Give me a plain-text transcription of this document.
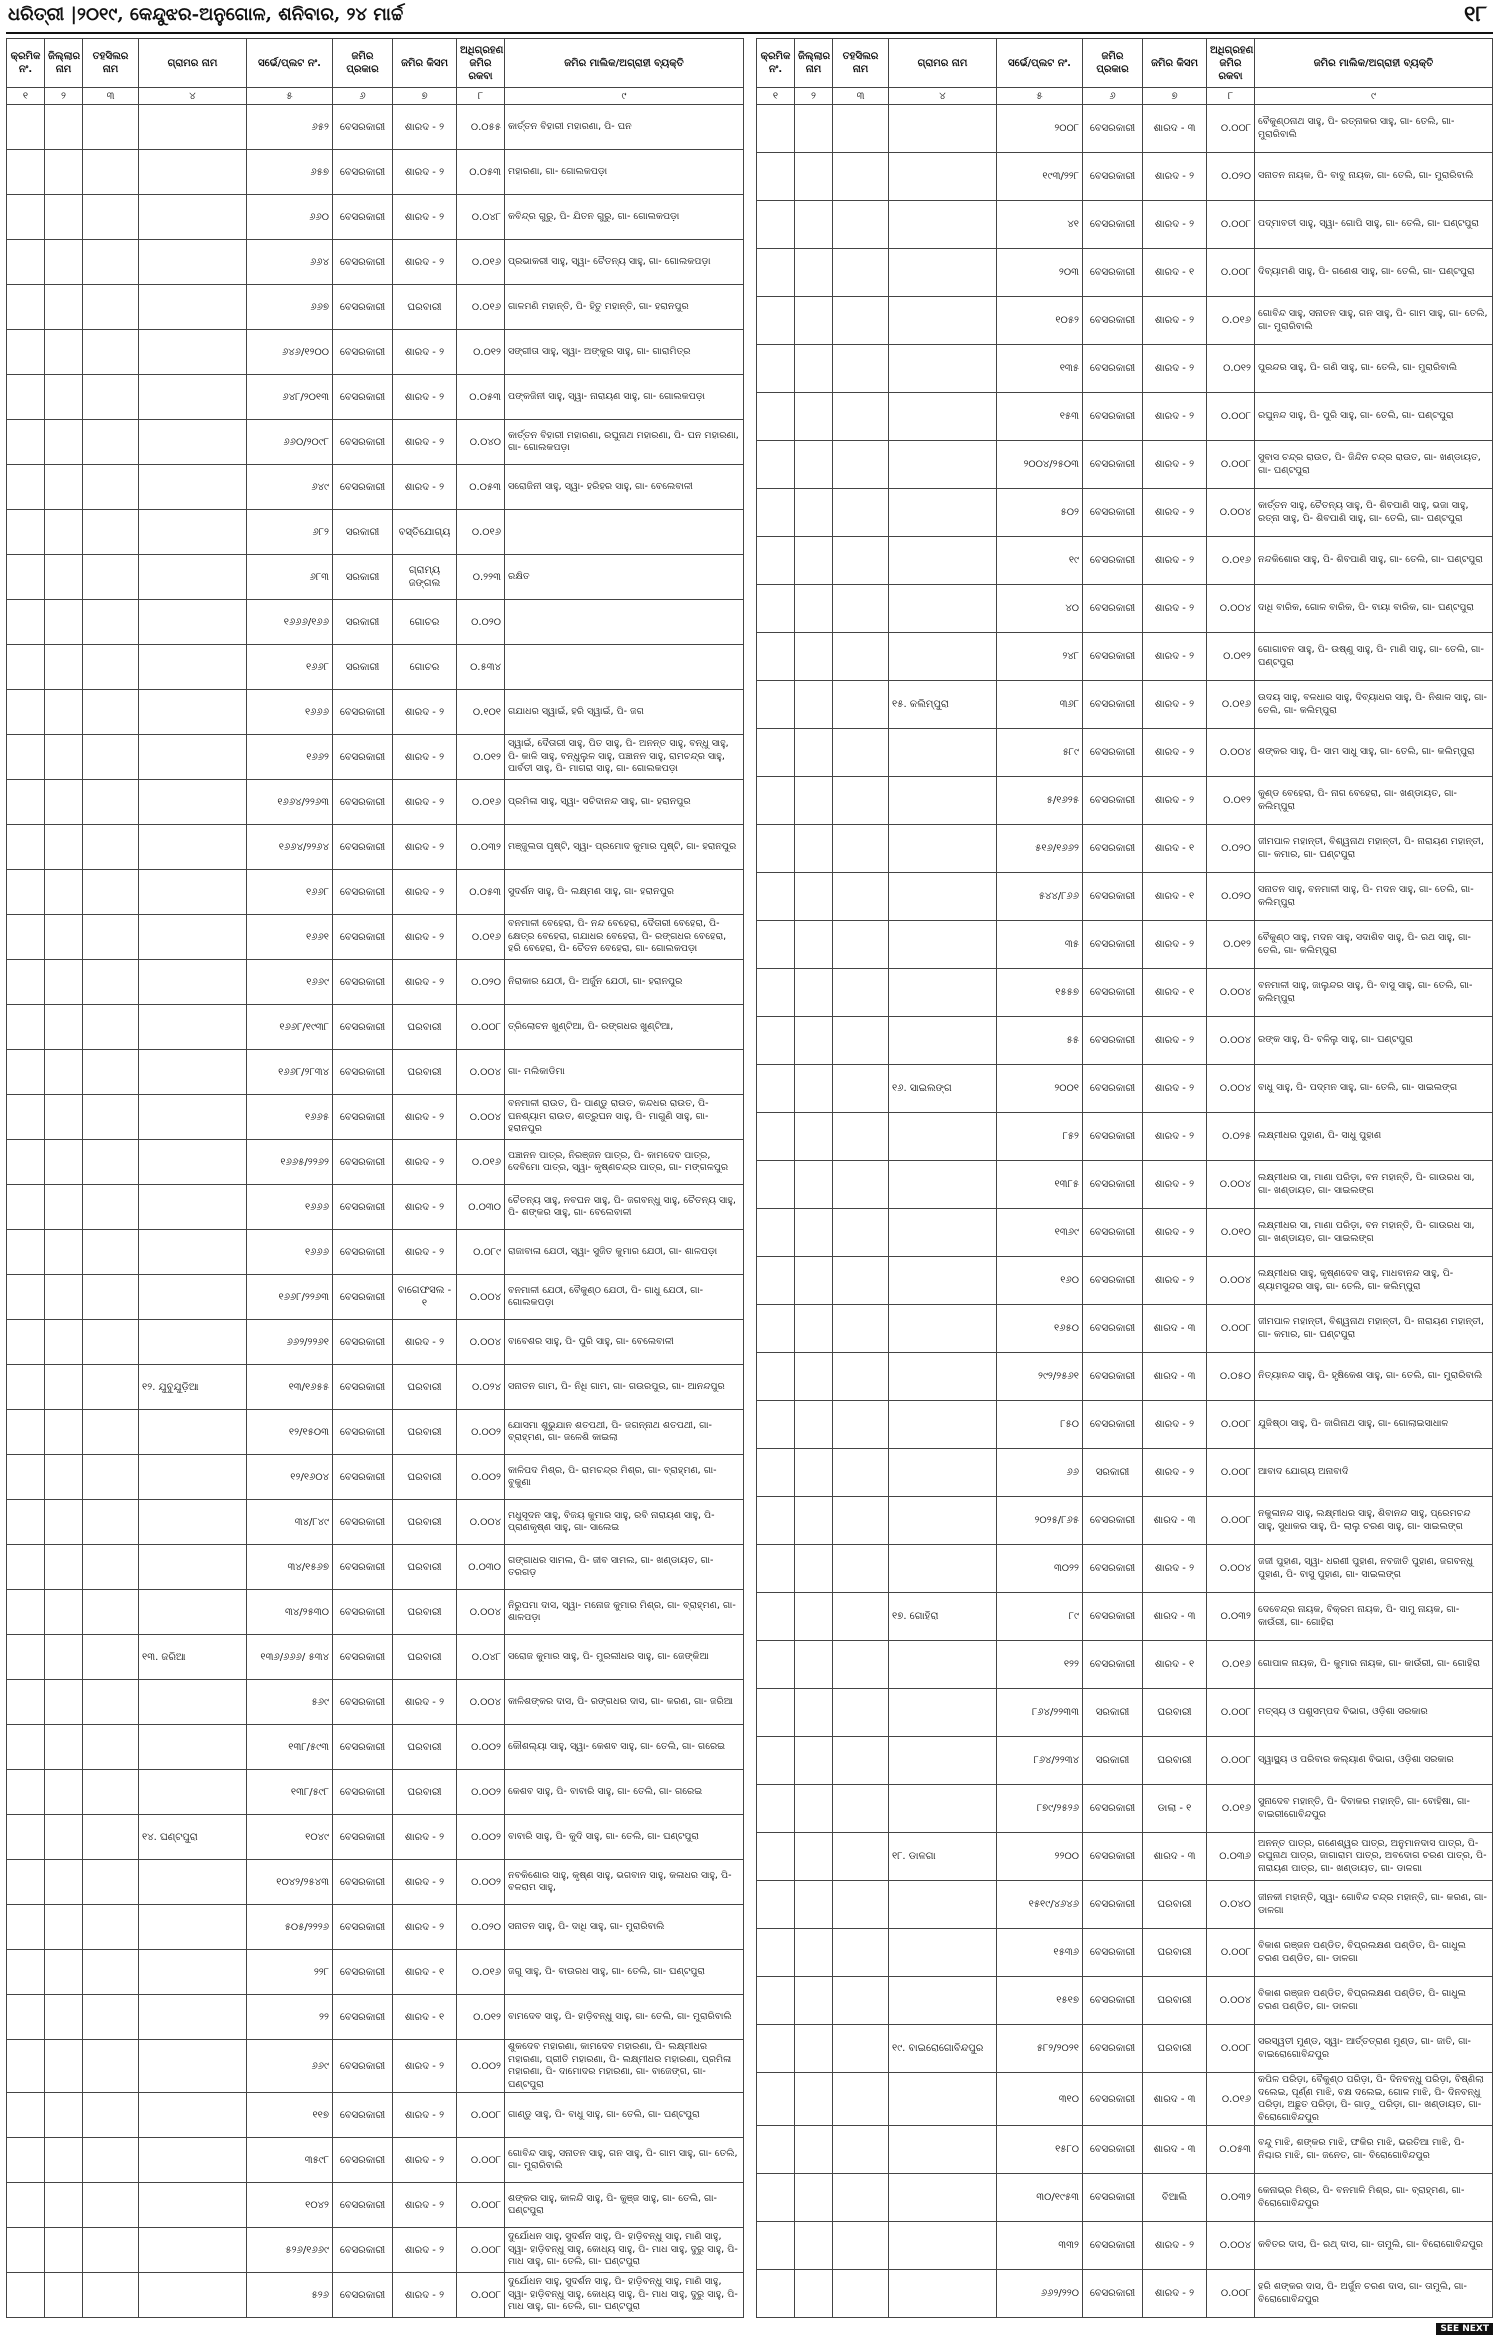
ଧରିତ୍ରୀ |୨୦୧୯, କେନ୍ଦୁଝର-ଅନୁଗୋଳ, ଶନିବାର, ୨୪ ମାର୍ଚ୍ଚ	୧୮
କ୍ରମିକ ନଂ.	ଜିଲ୍ଲାର ନାମ	ତହସିଲର ନାମ	ଗ୍ରାମର ନାମ	ସର୍ଭେ/ପ୍ଲଟ ନଂ.	ଜମିର ପ୍ରକାର	ଜମିର କିସମ	ଅଧିଗ୍ରହଣ ଜମିର ରକବା	ଜମିର ମାଲିକ/ଅଗ୍ରାହୀ ବ୍ୟକ୍ତି
୧	୨	୩	୪	୫	୬	୭	୮	୯
				୬୫୨	ବେସରକାରୀ	ଶାରଦ - ୨	୦.୦୫୫	କାର୍ତ୍ତନ ବିହାରୀ ମହାରଣା, ପି- ଘନ
				୬୫୭	ବେସରକାରୀ	ଶାରଦ - ୨	୦.୦୫୩	ମହାରଣା, ଗା- ଗୋଲକପଡ଼ା
				୬୬୦	ବେସରକାରୀ	ଶାରଦ - ୨	୦.୦୪୮	କବିନ୍ଦ୍ର ଗୁରୁ, ପି- ଯିତନ ଗୁରୁ, ଗା- ଗୋଲକପଡ଼ା
				୬୬୪	ବେସରକାରୀ	ଶାରଦ - ୨	୦.୦୧୬	ପ୍ରଭାକରୀ ସାହୁ, ସ୍ୱା- ଚୈତନ୍ୟ ସାହୁ, ଗା- ଗୋଲକପଡ଼ା
				୬୬୭	ବେସରକାରୀ	ଘରବାରୀ	୦.୦୧୬	ଗାଳମଣି ମହାନ୍ତି, ପି- ହିତୁ ମହାନ୍ତି, ଗା- ହରାନପୁର
				୬୪୬/୧୨୦୦	ବେସରକାରୀ	ଶାରଦ - ୨	୦.୦୧୨	ସଙ୍ଗୀତା ସାହୁ, ସ୍ୱା- ଅଙ୍କୁର ସାହୁ, ଗା- ଗାରାମିତ୍ର
				୬୪୮/୨୦୧୩	ବେସରକାରୀ	ଶାରଦ - ୨	୦.୦୫୩	ପଙ୍କଜିନୀ ସାହୁ, ସ୍ୱା- ନାରାୟଣ ସାହୁ, ଗା- ଗୋଲକପଡ଼ା
				୬୬୦/୨୦୯୮	ବେସରକାରୀ	ଶାରଦ - ୨	୦.୦୪୦	କାର୍ତ୍ତନ ବିହାରୀ ମହାରଣା, ରଘୁନାଥ ମହାରଣା, ପି- ଘନ ମହାରଣା, ଗା- ଗୋଲକପଡ଼ା
				୬୪୯	ବେସରକାରୀ	ଶାରଦ - ୨	୦.୦୫୩	ସରୋଜିନୀ ସାହୁ, ସ୍ୱା- ହରିହର ସାହୁ, ଗା- ବେଲେବାଳୀ
				୬୮୨	ସରକାରୀ	ବସ୍ତିଯୋଗ୍ୟ	୦.୦୧୬	
				୬୮୩	ସରକାରୀ	ଗ୍ରାମ୍ୟ ଜଙ୍ଗଲ	୦.୨୨୩	ରକ୍ଷିତ
				୧୬୬୬/୧୬୬	ସରକାରୀ	ଗୋଚର	୦.୦୨୦	
				୧୬୬୮	ସରକାରୀ	ଗୋଚର	୦.୫୩୪	
				୧୬୬୬	ବେସରକାରୀ	ଶାରଦ - ୨	୦.୧୦୧	ଗଯାଧର ସ୍ୱାଇଁ, ହରି ସ୍ୱାଇଁ, ପି- ଜଗ
				୧୬୬୨	ବେସରକାରୀ	ଶାରଦ - ୨	୦.୦୧୨	ସ୍ୱାଇଁ, ଦୈତାରୀ ସାହୁ, ପିତ ସାହୁ, ପି- ଅନନ୍ତ ସାହୁ, ବନ୍ଧୁ ସାହୁ, ପି- କାଳି ସାହୁ, ବନ୍ଧୁଲୁଳ ସାହୁ, ପଞ୍ଚାନନ ସାହୁ, ରାମଚନ୍ଦ୍ର ସାହୁ, ପାର୍ବତୀ ସାହୁ, ପି- ମାଗରା ସାହୁ, ଗା- ଗୋଲକପଡ଼ା
				୧୬୬୪/୨୨୬୩	ବେସରକାରୀ	ଶାରଦ - ୨	୦.୦୧୬	ପ୍ରମିଳା ସାହୁ, ସ୍ୱା- ସଚିଦାନନ୍ଦ ସାହୁ, ଗା- ହରାନପୁର
				୧୬୬୪/୨୨୬୪	ବେସରକାରୀ	ଶାରଦ - ୨	୦.୦୩୨	ମଞ୍ଜୁଲତା ପୃଷ୍ଟି, ସ୍ୱା- ପ୍ରମୋଦ କୁମାର ପୃଷ୍ଟି, ଗା- ହରାନପୁର
				୧୬୬୮	ବେସରକାରୀ	ଶାରଦ - ୨	୦.୦୫୩	ସୁଦର୍ଶନ ସାହୁ, ପି- ଲକ୍ଷ୍ମଣ ସାହୁ, ଗା- ହରାନପୁର
				୧୬୬୧	ବେସରକାରୀ	ଶାରଦ - ୨	୦.୦୧୬	ବନମାଳୀ ବେହେରା, ପି- ନନ୍ଦ ବେହେରା, ଦୈତାରୀ ବେହେରା, ପି- କ୍ଷେତ୍ର ବେହେରା, ଗଯାଧର ବେହେରା, ପି- ରଙ୍ଗଧର ବେହେରା, ହରି ବେହେରା, ପି- ଚୈତନ ବେହେରା, ଗା- ଗୋଲକପଡ଼ା
				୧୬୬୯	ବେସରକାରୀ	ଶାରଦ - ୨	୦.୦୨୦	ନିରାକାର ଯେଠୀ, ପି- ଅର୍ଜୁନ ଯେଠୀ, ଗା- ହରାନପୁର
				୧୬୬୮/୧୯୩୮	ବେସରକାରୀ	ଘରବାରୀ	୦.୦୦୮	ତ୍ରିଲୋଚନ ଖୁଣ୍ଟିଆ, ପି- ରଙ୍ଗଧର ଖୁଣ୍ଟିଆ,
				୧୬୬୮/୨୮୩୪	ବେସରକାରୀ	ଘରବାରୀ	୦.୦୦୪	ଗା- ମଲିକାଡିମା
				୧୬୬୫	ବେସରକାରୀ	ଶାରଦ - ୨	୦.୦୦୪	ବନମାଳୀ ରାଉତ, ପି- ପାଣ୍ଡୁ ରାଉତ, କନ୍ଦଧର ରାଉତ, ପି- ଘନଶ୍ୟାମ ରାଉତ, ଶତ୍ରୁଘନ ସାହୁ, ପି- ମାଗୁଣି ସାହୁ, ଗା- ହରାନପୁର
				୧୬୬୫/୨୨୬୨	ବେସରକାରୀ	ଶାରଦ - ୨	୦.୦୧୬	ପଞ୍ଚାନନ ପାତ୍ର, ନିରଞ୍ଜନ ପାତ୍ର, ପି- କାମଦେବ ପାତ୍ର, ଦେବିମୋ ପାତ୍ର, ସ୍ୱା- କୃଷ୍ଣଚନ୍ଦ୍ର ପାତ୍ର, ଗା- ମଙ୍ଗଳପୁର
				୧୬୬୬	ବେସରକାରୀ	ଶାରଦ - ୨	୦.୦୩୦	ଚୈତନ୍ୟ ସାହୁ, ନବଘନ ସାହୁ, ପି- ଜଗବନ୍ଧୁ ସାହୁ, ଚୈତନ୍ୟ ସାହୁ, ପି- ଶଙ୍କର ସାହୁ, ଗା- ବେଲେବାଳୀ
				୧୬୬୬	ବେସରକାରୀ	ଶାରଦ - ୨	୦.୦୮୯	ରାଜାବାଳା ଯେଠୀ, ସ୍ୱା- ସୁଜିତ କୁମାର ଯେଠୀ, ଗା- ଶାଳପଡ଼ା
				୧୬୬୮/୨୨୬୩	ବେସରକାରୀ	ବାଗେଫସଲ - ୧	୦.୦୦୪	ବନମାଳୀ ଯେଠୀ, ବୈକୁଣ୍ଠ ଯେଠୀ, ପି- ଗାଧୁ ଯେଠୀ, ଗା- ଗୋଲକପଡ଼ା
				୬୬୨/୨୨୬୧	ବେସରକାରୀ	ଶାରଦ - ୨	୦.୦୦୪	ବାବେଶର ସାହୁ, ପି- ପୁରି ସାହୁ, ଗା- ବେଲେବାଳୀ
			୧୨. ଯୁବୁଯୁଡ଼ିଆ	୧୩/୧୬୫୫	ବେସରକାରୀ	ଘରବାରୀ	୦.୦୨୪	ସନାତନ ଗାମ, ପି- ନିଧି ଗାମ, ଗା- ଗଉରପୁର, ଗା- ଆନନ୍ଦପୁର
				୧୨/୧୫୦୩	ବେସରକାରୀ	ଘରବାରୀ	୦.୦୦୨	ଯୋସମା ଶୁଭୁଯାନ ଶତପଥୀ, ପି- ଜଗନ୍ନାଥ ଶତପଥୀ, ଗା- ବ୍ରାହ୍ମଣ, ଗା- ଜଳେଶି କାଇଲା
				୧୨/୧୬୦୪	ବେସରକାରୀ	ଘରବାରୀ	୦.୦୦୨	କାଳିପଦ ମିଶ୍ର, ପି- ରାମଚନ୍ଦ୍ର ମିଶ୍ର, ଗା- ବ୍ରାହ୍ମଣ, ଗା- ବୁକୁଣା
				୩୪/୮୪୯	ବେସରକାରୀ	ଘରବାରୀ	୦.୦୦୪	ମଧୁସୂଦନ ସାହୁ, ବିଜୟ କୁମାର ସାହୁ, ରବି ନାରାୟଣ ସାହୁ, ପି- ପ୍ରାଣକୃଷ୍ଣ ସାହୁ, ଗା- ସାଲେଇ
				୩୪/୧୫୬୭	ବେସରକାରୀ	ଘରବାରୀ	୦.୦୩୦	ଗଙ୍ଗାଧର ସାମଲ, ପି- ଜୀବ ସାମଲ, ଗା- ଖଣ୍ଡାୟତ, ଗା- ତରଗଡ଼
				୩୪/୨୫୩୦	ବେସରକାରୀ	ଘରବାରୀ	୦.୦୦୪	ନିରୁପମା ଦାସ, ସ୍ୱା- ମନୋଜ କୁମାର ମିଶ୍ର, ଗା- ବ୍ରାହ୍ମଣ, ଗା- ଶାଳପଡ଼ା
			୧୩. ଜରିଆ	୧୩୬/୬୬୬/ ୫୩୪	ବେସରକାରୀ	ଘରବାରୀ	୦.୦୪୮	ସରୋଜ କୁମାର ସାହୁ, ପି- ମୁରଲୀଧର ସାହୁ, ଗା- ଜେଙ୍କିଆ
				୫୬୯	ବେସରକାରୀ	ଶାରଦ - ୨	୦.୦୦୪	କାଳିଶଙ୍କର ଦାସ, ପି- ରଙ୍ଗଧର ଦାସ, ଗା- କରଣ, ଗା- ଜରିଆ
				୧୩୮/୫୯୩	ବେସରକାରୀ	ଘରବାରୀ	୦.୦୦୨	କୌଶଲ୍ୟା ସାହୁ, ସ୍ୱା- କେଶବ ସାହୁ, ଗା- ତେଲି, ଗା- ଗରେଇ
				୧୩୮/୫୯୮	ବେସରକାରୀ	ଘରବାରୀ	୦.୦୦୨	କେଶବ ସାହୁ, ପି- ବାବାରି ସାହୁ, ଗା- ତେଲି, ଗା- ଗରେଇ
			୧୪. ଘଣ୍ଟପୁରା	୧୦୪୯	ବେସରକାରୀ	ଶାରଦ - ୨	୦.୦୦୨	ବାବାରି ସାହୁ, ପି- କୁଦି ସାହୁ, ଗା- ତେଲି, ଗା- ଘଣ୍ଟପୁରା
				୧୦୪୨/୨୫୪୩	ବେସରକାରୀ	ଶାରଦ - ୨	୦.୦୦୨	ନବକିଶୋର ସାହୁ, କୃଷ୍ଣ ସାହୁ, ଭଗବାନ ସାହୁ, କଳାଧର ସାହୁ, ପି- ବଳରାମ ସାହୁ,
				୫୦୫/୨୨୨୬	ବେସରକାରୀ	ଶାରଦ - ୨	୦.୦୨୦	ସନାତନ ସାହୁ, ପି- ଦାଧି ସାହୁ, ଗା- ମୁରାରିବାଲି
				୨୨୮	ବେସରକାରୀ	ଶାରଦ - ୧	୦.୦୧୬	ଜଗୁ ସାହୁ, ପି- ବାଉରଧ ସାହୁ, ଗା- ତେଲି, ଗା- ଘଣ୍ଟପୁରା
				୨୨	ବେସରକାରୀ	ଶାରଦ - ୧	୦.୦୧୨	ବାମଦେବ ସାହୁ, ପି- ହାଡ଼ିବନ୍ଧୁ ସାହୁ, ଗା- ତେଲି, ଗା- ମୁରାରିବାଲି
				୬୬୯	ବେସରକାରୀ	ଶାରଦ - ୨	୦.୦୦୨	ଶୁକଦେବ ମହାରଣା, କାମଦେବ ମହାରଣା, ପି- ଲକ୍ଷ୍ମୀଧର ମହାରଣା, ପ୍ରୀତି ମହାରଣା, ପି- ଲକ୍ଷ୍ମୀଧର ମହାରଣା, ପ୍ରମିଳା ମହାରଣା, ପି- ଦାମୋଦର ମହାରଣା, ଗା- ବାଜେଙ୍ଗ, ଗା- ଘଣ୍ଟପୁରା
				୧୧୭	ବେସରକାରୀ	ଶାରଦ - ୨	୦.୦୦୮	ଗାଣ୍ଡୁ ସାହୁ, ପି- ବାଧୁ ସାହୁ, ଗା- ତେଲି, ଗା- ଘଣ୍ଟପୁରା
				୩୫୯୮	ବେସରକାରୀ	ଶାରଦ - ୨	୦.୦୦୮	ଗୋବିନ୍ଦ ସାହୁ, ସନାତନ ସାହୁ, ଗନ ସାହୁ, ପି- ଗାମ ସାହୁ, ଗା- ତେଲି, ଗା- ମୁରାରିବାଲି
				୧୦୪୨	ବେସରକାରୀ	ଶାରଦ - ୨	୦.୦୦୮	ଶଙ୍କର ସାହୁ, କାଳନ୍ଦି ସାହୁ, ପି- କୁଞ୍ଜ ସାହୁ, ଗା- ତେଲି, ଗା- ଘଣ୍ଟପୁରା
				୫୨୬/୧୬୬୯	ବେସରକାରୀ	ଶାରଦ - ୨	୦.୦୦୮	ଦୁର୍ଯୋଧନ ସାହୁ, ସୁଦର୍ଶନ ସାହୁ, ପି- ହାଡ଼ିବନ୍ଧୁ ସାହୁ, ମାଣି ସାହୁ, ସ୍ୱା- ହାଡ଼ିବନ୍ଧୁ ସାହୁ, କୋଧ୍ୟ ସାହୁ, ପି- ମାଧ ସାହୁ, ଦୁରୁ ସାହୁ, ପି- ମାଧ ସାହୁ, ଗା- ତେଲି, ଗା- ଘଣ୍ଟପୁରା
				୫୨୬	ବେସରକାରୀ	ଶାରଦ - ୨	୦.୦୦୮	ଦୁର୍ଯୋଧନ ସାହୁ, ସୁଦର୍ଶନ ସାହୁ, ପି- ହାଡ଼ିବନ୍ଧୁ ସାହୁ, ମାଣି ସାହୁ, ସ୍ୱା- ହାଡ଼ିବନ୍ଧୁ ସାହୁ, କୋଧ୍ୟ ସାହୁ, ପି- ମାଧ ସାହୁ, ଦୁରୁ ସାହୁ, ପି- ମାଧ ସାହୁ, ଗା- ତେଲି, ଗା- ଘଣ୍ଟପୁରା
କ୍ରମିକ ନଂ.	ଜିଲ୍ଲାର ନାମ	ତହସିଲର ନାମ	ଗ୍ରାମର ନାମ	ସର୍ଭେ/ପ୍ଲଟ ନଂ.	ଜମିର ପ୍ରକାର	ଜମିର କିସମ	ଅଧିଗ୍ରହଣ ଜମିର ରକବା	ଜମିର ମାଲିକ/ଅଗ୍ରାହୀ ବ୍ୟକ୍ତି
୧	୨	୩	୪	୫	୬	୭	୮	୯
				୨୦୦୮	ବେସରକାରୀ	ଶାରଦ - ୩	୦.୦୦୮	ବୈକୁଣ୍ଠନାଥ ସାହୁ, ପି- ରତ୍ନାକର ସାହୁ, ଗା- ତେଲି, ଗା- ମୁରାରିବାଲି
				୧୯୩/୨୨୮	ବେସରକାରୀ	ଶାରଦ - ୨	୦.୦୨୦	ସନାତନ ନାୟକ, ପି- ବାବୁ ନାୟକ, ଗା- ତେଲି, ଗା- ମୁରାରିବାଲି
				୪୧	ବେସରକାରୀ	ଶାରଦ - ୨	୦.୦୦୮	ପଦ୍ମାବତୀ ସାହୁ, ସ୍ୱା- ଗୋପି ସାହୁ, ଗା- ତେଲି, ଗା- ଘଣ୍ଟପୁରା
				୨୦୩	ବେସରକାରୀ	ଶାରଦ - ୧	୦.୦୦୮	ଦିବ୍ୟାମଣି ସାହୁ, ପି- ଗଣେଶ ସାହୁ, ଗା- ତେଲି, ଗା- ଘଣ୍ଟପୁରା
				୧୦୫୨	ବେସରକାରୀ	ଶାରଦ - ୨	୦.୦୧୬	ଗୋବିନ୍ଦ ସାହୁ, ସନାତନ ସାହୁ, ଗନ ସାହୁ, ପି- ଗାମ ସାହୁ, ଗା- ତେଲି, ଗା- ମୁରାରିବାଲି
				୧୩୫	ବେସରକାରୀ	ଶାରଦ - ୨	୦.୦୧୨	ପୁରନ୍ଦର ସାହୁ, ପି- ଗଣି ସାହୁ, ଗା- ତେଲି, ଗା- ମୁରାରିବାଲି
				୧୫୩	ବେସରକାରୀ	ଶାରଦ - ୨	୦.୦୦୮	ରଘୁନନ୍ଦ ସାହୁ, ପି- ପୁରି ସାହୁ, ଗା- ତେଲି, ଗା- ଘଣ୍ଟପୁରା
				୨୦୦୪/୨୫୦୩	ବେସରକାରୀ	ଶାରଦ - ୨	୦.୦୦୮	ସୁବାସ ଚନ୍ଦ୍ର ରାଉତ, ପି- ଜିନ୍ଦିନ ଚନ୍ଦ୍ର ରାଉତ, ଗା- ଖଣ୍ଡାୟତ, ଗା- ଘଣ୍ଟପୁରା
				୫୦୨	ବେସରକାରୀ	ଶାରଦ - ୨	୦.୦୦୪	କାର୍ତ୍ତନ ସାହୁ, ଚୈତନ୍ୟ ସାହୁ, ପି- ଶିବପାଣି ସାହୁ, ଭଜା ସାହୁ, ରତ୍ନା ସାହୁ, ପି- ଶିବପାଣି ସାହୁ, ଗା- ତେଲି, ଗା- ଘଣ୍ଟପୁରା
				୧୯	ବେସରକାରୀ	ଶାରଦ - ୨	୦.୦୧୬	ନନ୍ଦକିଶୋର ସାହୁ, ପି- ଶିବପାଣି ସାହୁ, ଗା- ତେଲି, ଗା- ଘଣ୍ଟପୁରା
				୪୦	ବେସରକାରୀ	ଶାରଦ - ୨	୦.୦୦୪	ଦାଧି ବାରିକ, ଗୋଳ ବାରିକ, ପି- ବାୟା ବାରିକ, ଗା- ଘଣ୍ଟପୁରା
				୨୪୮	ବେସରକାରୀ	ଶାରଦ - ୨	୦.୦୧୨	ଗୋଗାବନ ସାହୁ, ପି- ଉଷ୍ଣୁ ସାହୁ, ପି- ମାଣି ସାହୁ, ଗା- ତେଲି, ଗା- ଘଣ୍ଟପୁରା
			୧୫. କଲିମ୍ପୁରା	୩୬୮	ବେସରକାରୀ	ଶାରଦ - ୨	୦.୦୧୬	ଉଦୟ ସାହୁ, ବଳଧାର ସାହୁ, ଦିବ୍ୟାଧର ସାହୁ, ପି- ନିଶାଳ ସାହୁ, ଗା- ତେଲି, ଗା- କଲିମ୍ପୁରା
				୫୮୯	ବେସରକାରୀ	ଶାରଦ - ୨	୦.୦୦୪	ଶଙ୍କର ସାହୁ, ପି- ସାମ ସାଧୁ ସାହୁ, ଗା- ତେଲି, ଗା- କଲିମ୍ପୁରା
				୫/୧୬୨୫	ବେସରକାରୀ	ଶାରଦ - ୨	୦.୦୧୨	କୁଣ୍ଡ ବେହେରା, ପି- ନାଗ ବେହେରା, ଗା- ଖଣ୍ଡାୟତ, ଗା- କଲିମ୍ପୁରା
				୫୧୬/୧୬୬୨	ବେସରକାରୀ	ଶାରଦ - ୧	୦.୦୨୦	ଜୀମପାଳ ମହାନ୍ତୀ, ବିଶ୍ୱନାଥ ମହାନ୍ତୀ, ପି- ନାରାୟଣ ମହାନ୍ତୀ, ଗା- କମାର, ଗା- ଘଣ୍ଟପୁରା
				୫୪୪/୮୬୬	ବେସରକାରୀ	ଶାରଦ - ୧	୦.୦୨୦	ସନାତନ ସାହୁ, ବନମାଳୀ ସାହୁ, ପି- ମଦନ ସାହୁ, ଗା- ତେଲି, ଗା- କଲିମ୍ପୁରା
				୩୫	ବେସରକାରୀ	ଶାରଦ - ୨	୦.୦୧୨	ବୈକୁଣ୍ଠ ସାହୁ, ମଦନ ସାହୁ, ସଦାଶିବ ସାହୁ, ପି- ରଥ ସାହୁ, ଗା- ତେଲି, ଗା- କଲିମ୍ପୁରା
				୧୫୫୭	ବେସରକାରୀ	ଶାରଦ - ୧	୦.୦୦୪	ବନମାଳୀ ସାହୁ, ଜାଲୁନ୍ଦର ସାହୁ, ପି- ବାସୁ ସାହୁ, ଗା- ତେଲି, ଗା- କଲିମ୍ପୁରା
				୫୫	ବେସରକାରୀ	ଶାରଦ - ୨	୦.୦୦୪	ରଙ୍କ ସାହୁ, ପି- ବଳିଲୁ ସାହୁ, ଗା- ଘଣ୍ଟପୁରା
			୧୬. ସାଇଲଙ୍ଗ	୨୦୦୧	ବେସରକାରୀ	ଶାରଦ - ୨	୦.୦୦୪	ବାଧୁ ସାହୁ, ପି- ପଦ୍ମନ ସାହୁ, ଗା- ତେଲି, ଗା- ସାଇଲଙ୍ଗ
				୮୫୨	ବେସରକାରୀ	ଶାରଦ - ୨	୦.୦୨୫	ଲକ୍ଷ୍ମୀଧର ପୁହାଣ, ପି- ସାଧୁ ପୁହାଣ
				୧୩୮୫	ବେସରକାରୀ	ଶାରଦ - ୨	୦.୦୦୪	ଲକ୍ଷ୍ମୀଧର ସା, ମାଣା ପରିଡ଼ା, ବନ ମହାନ୍ତି, ପି- ଗାଉରଧ ସା, ଗା- ଖଣ୍ଡାୟତ, ଗା- ସାଇଲଙ୍ଗ
				୧୩୬୯	ବେସରକାରୀ	ଶାରଦ - ୨	୦.୦୧୦	ଲକ୍ଷ୍ମୀଧର ସା, ମାଣା ପରିଡ଼ା, ବନ ମହାନ୍ତି, ପି- ଗାଉରଧ ସା, ଗା- ଖଣ୍ଡାୟତ, ଗା- ସାଇଲଙ୍ଗ
				୧୬୦	ବେସରକାରୀ	ଶାରଦ - ୨	୦.୦୦୪	ଲକ୍ଷ୍ମୀଧର ସାହୁ, କୃଷ୍ଣଦେବ ସାହୁ, ମାଧବାନନ୍ଦ ସାହୁ, ପି- ଶ୍ୟାମସୁନ୍ଦର ସାହୁ, ଗା- ତେଲି, ଗା- କଲିମ୍ପୁରା
				୧୬୫୦	ବେସରକାରୀ	ଶାରଦ - ୩	୦.୦୦୮	ଜୀମପାଳ ମହାନ୍ତୀ, ବିଶ୍ୱନାଥ ମହାନ୍ତୀ, ପି- ନାରାୟଣ ମହାନ୍ତୀ, ଗା- କମାର, ଗା- ଘଣ୍ଟପୁରା
				୨୯୨/୨୫୬୧	ବେସରକାରୀ	ଶାରଦ - ୩	୦.୦୫୦	ନିତ୍ୟାନନ୍ଦ ସାହୁ, ପି- ହୃଷିକେଶ ସାହୁ, ଗା- ତେଲି, ଗା- ମୁରାରିବାଲି
				୮୫୦	ବେସରକାରୀ	ଶାରଦ - ୨	୦.୦୦୮	ଯୁଜିଷ୍ଠା ସାହୁ, ପି- ଜାଗିନାଥ ସାହୁ, ଗା- ଗୋଲାଇସାଧାଳ
				୬୬	ସରକାରୀ	ଶାରଦ - ୨	୦.୦୦୮	ଆବାଦ ଯୋଗ୍ୟ ଅନାବାଦି
				୨୦୨୫/୮୬୫	ବେସରକାରୀ	ଶାରଦ - ୩	୦.୦୦୮	ନକୁଳାନନ୍ଦ ସାହୁ, ଲକ୍ଷ୍ମୀଧର ସାହୁ, ଶିବାନନ୍ଦ ସାହୁ, ପ୍ରେମଚନ୍ଦ ସାହୁ, ସୁଧାକର ସାହୁ, ପି- ଲାଲୁ ଚରଣ ସାହୁ, ଗା- ସାଇଲଙ୍ଗ
				୩୦୨୨	ବେସରକାରୀ	ଶାରଦ - ୨	୦.୦୦୪	ଜଜୀ ପୁହାଣ, ସ୍ୱା- ଧରଣୀ ପୁହାଣ, ନବଜାତି ପୁହାଣ, ଜଗବନ୍ଧୁ ପୁହାଣ, ପି- ବାସୁ ପୁହାଣ, ଗା- ସାଇଲଙ୍ଗ
			୧୭. ଗୋହିରା	୮୯	ବେସରକାରୀ	ଶାରଦ - ୩	୦.୦୩୨	ଦେବେନ୍ଦ୍ର ନାୟକ, ବିକ୍ରମ ନାୟକ, ପି- ସାମୁ ନାୟକ, ଗା- କାଉଁରୀ, ଗା- ଗୋହିରା
				୧୨୨	ବେସରକାରୀ	ଶାରଦ - ୧	୦.୦୧୬	ଗୋପାଳ ନାୟକ, ପି- କୁମାର ନାୟକ, ଗା- କାଉଁରୀ, ଗା- ଗୋହିରା
				୮୬୪/୨୨୩୩	ସରକାରୀ	ଘରବାରୀ	୦.୦୦୮	ମତ୍ସ୍ୟ ଓ ପଶୁସମ୍ପଦ ବିଭାଗ, ଓଡ଼ିଶା ସରକାର
				୮୬୪/୨୨୩୪	ସରକାରୀ	ଘରବାରୀ	୦.୦୦୮	ସ୍ୱାସ୍ଥ୍ୟ ଓ ପରିବାର କଲ୍ୟାଣ ବିଭାଗ, ଓଡ଼ିଶା ସରକାର
				୮୭୯/୨୫୨୬	ବେସରକାରୀ	ଡାଲା - ୧	୦.୦୧୬	ସୁନାଦେବ ମହାନ୍ତି, ପି- ଦିବାକର ମହାନ୍ତି, ଗା- ବୋହିଷା, ଗା- ବାଇରୀଗୋବିନ୍ଦପୁର
			୧୮. ଡାଳଗା	୨୨୦୦	ବେସରକାରୀ	ଶାରଦ - ୩	୦.୦୩୬	ଅନନ୍ତ ପାତ୍ର, ଗଣେଶ୍ୱର ପାତ୍ର, ଅନୁମାନଦାସ ପାତ୍ର, ପି- ରଘୁନାଥ ପାତ୍ର, ଜାଗାରାମ ପାତ୍ର, ଅବଦୋଗ ଚରଣ ପାତ୍ର, ପି- ନାରାୟଣ ପାତ୍ର, ଗା- ଖଣ୍ଡାୟତ, ଗା- ଡାଳଗା
				୧୫୧୯/୪୬୪୬	ବେସରକାରୀ	ଘରବାରୀ	୦.୦୪୦	ଜୀନକୀ ମହାନ୍ତି, ସ୍ୱା- ଗୋବିନ୍ଦ ଚନ୍ଦ୍ର ମହାନ୍ତି, ଗା- କରଣ, ଗା- ଡାଳଗା
				୧୫୩୬	ବେସରକାରୀ	ଘରବାରୀ	୦.୦୦୮	ବିକାଶ ରଞ୍ଜନ ପଣ୍ଡିତ, ବିପ୍ରଲକ୍ଷଣ ପଣ୍ଡିତ, ପି- ଗାଧୁଲ ଚରଣ ପଣ୍ଡିତ, ଗା- ଡାଳଗା
				୧୫୧୭	ବେସରକାରୀ	ଘରବାରୀ	୦.୦୦୪	ବିକାଶ ରଞ୍ଜନ ପଣ୍ଡିତ, ବିପ୍ରଲକ୍ଷଣ ପଣ୍ଡିତ, ପି- ଗାଧୁଲ ଚରଣ ପଣ୍ଡିତ, ଗା- ଡାଳଗା
			୧୯. ବାଇରୋଗୋବିନ୍ଦପୁର	୫୮୨/୨୦୨୧	ବେସରକାରୀ	ଘରବାରୀ	୦.୦୦୮	ସରସ୍ୱତୀ ମୁଣ୍ଡ, ସ୍ୱା- ଆର୍ତ୍ତତ୍ରାଣ ମୁଣ୍ଡ, ଗା- ଜାତି, ଗା- ବାଇରୋଗୋବିନ୍ଦପୁର
				୩୧୦	ବେସରକାରୀ	ଶାରଦ - ୩	୦.୦୧୬	କପିଳ ପରିଡ଼ା, ବୈକୁଣ୍ଠ ପରିଡ଼ା, ପି- ଦିନବନ୍ଧୁ ପରିଡ଼ା, ବିଷ୍ଣିଲା ଦଲେଇ, ପୂର୍ଣ୍ଣ ମାଝି, ବକ୍ଷ ଦଲେଇ, ଗୋଳ ମାଝି, ପି- ଦିନବନ୍ଧୁ ପରିଡ଼ା, ଅଛୁତ ପରିଡ଼ା, ପି- ଗାଡ଼ୁ ପରିଡ଼ା, ଗା- ଖଣ୍ଡାୟତ, ଗା- ବିରୋଗୋବିନ୍ଦପୁର
				୧୫୮୦	ବେସରକାରୀ	ଶାରଦ - ୩	୦.୦୫୩	ବନ୍ଦୁ ମାଝି, ଶଙ୍କର ମାଝି, ଫକିର ମାଝି, ଭରତିଆ ମାଝି, ପି- ନିଶ୍ଚାର ମାଝି, ଗା- ଜନେତ, ଗା- ବିରୋଗୋବିନ୍ଦପୁର
				୩୦/୧୯୫୩	ବେସରକାରୀ	ବିଆଲି	୦.୦୩୨	କେନାଭ୍ର ମିଶ୍ର, ପି- ବନମାଳି ମିଶ୍ର, ଗା- ବ୍ରାହ୍ମଣ, ଗା- ବିରୋଗୋବିନ୍ଦପୁର
				୩୩୨	ବେସରକାରୀ	ଶାରଦ - ୨	୦.୦୦୪	କବିତର ଦାସ, ପି- ରଥ୍ ଦାସ, ଗା- ତାମୁଲି, ଗା- ବିରୋଗୋବିନ୍ଦପୁର
				୬୬୨/୨୨୦	ବେସରକାରୀ	ଶାରଦ - ୨	୦.୦୦୮	ହରି ଶଙ୍କର ଦାସ, ପି- ଅର୍ଜୁନ ଚରଣ ଦାସ, ଗା- ତାମୁଲି, ଗା- ବିରୋଗୋବିନ୍ଦପୁର
SEE NEXT
